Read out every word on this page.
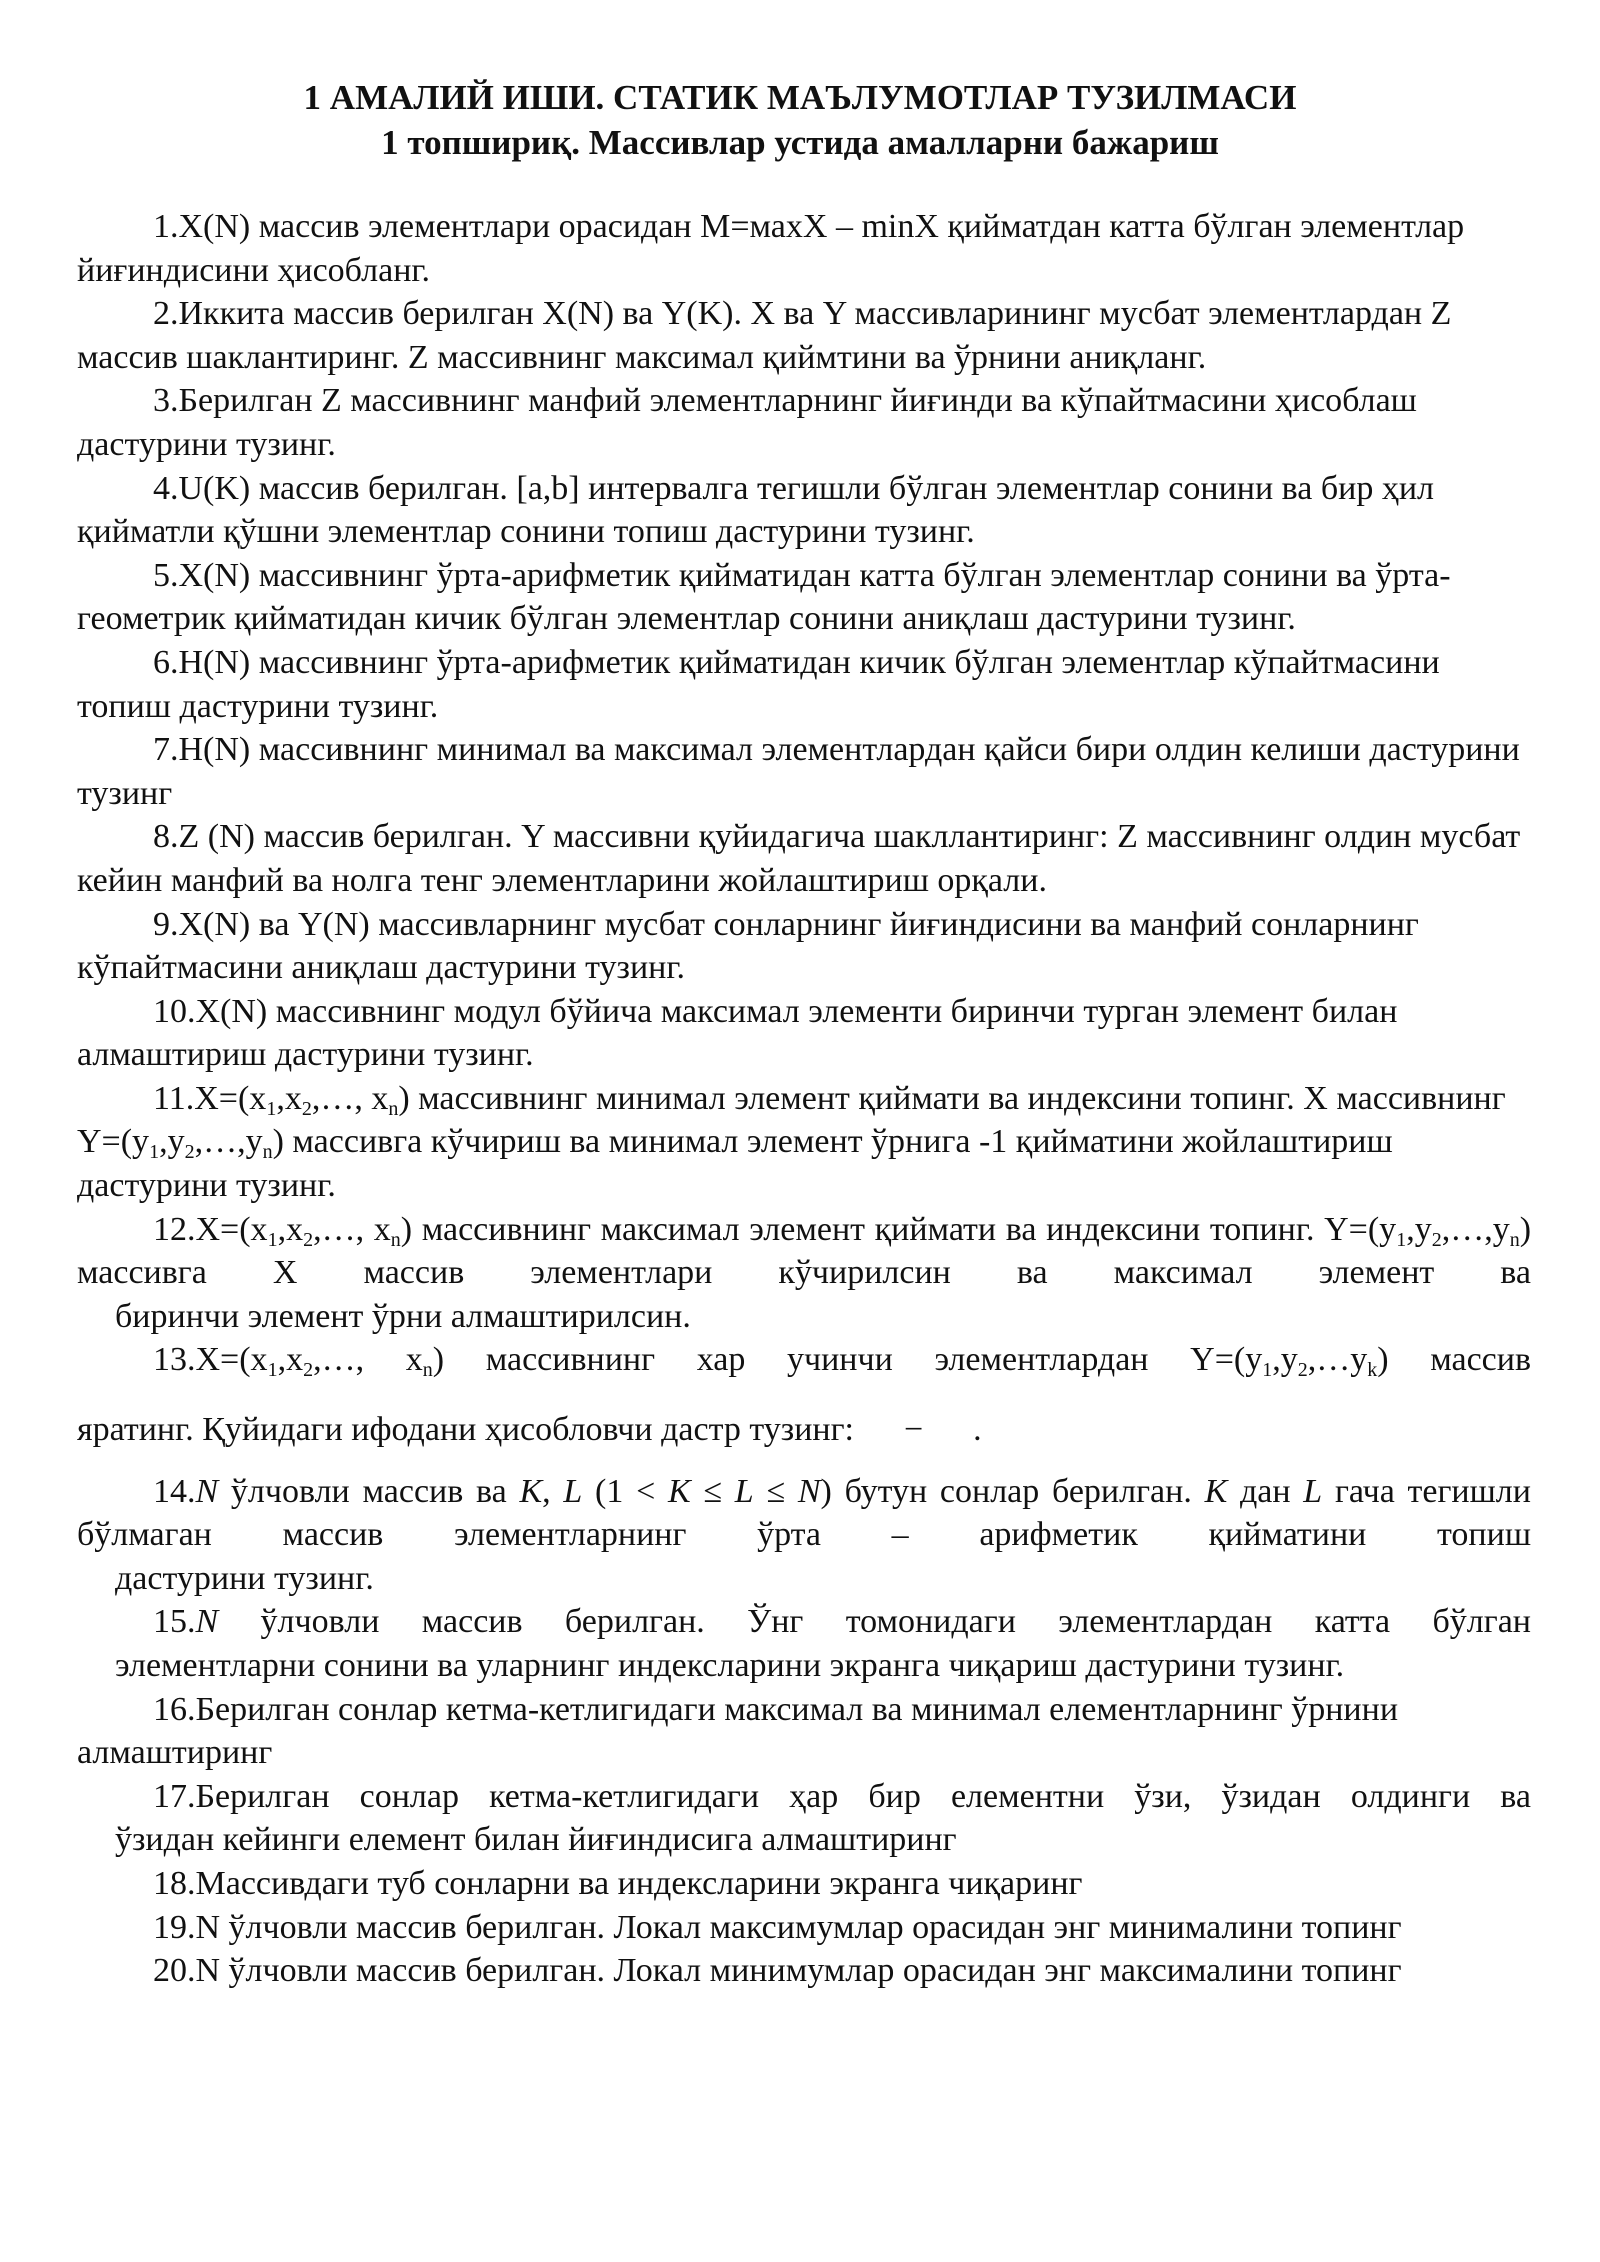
1 АМАЛИЙ ИШИ. СТАТИК МАЪЛУМОТЛАР ТУЗИЛМАСИ
1 топшириқ. Массивлар устида амалларни бажариш

1.X(N) массив элементлари орасидан M=махX – minX қийматдан катта бўлган элементлар йиғиндисини ҳисобланг.

2.Иккита массив берилган X(N) ва Y(K). X ва Y массивларининг мусбат элементлардан Z массив шаклантиринг. Z массивнинг максимал қиймтини ва ўрнини аниқланг.

3.Берилган Z массивнинг манфий элементларнинг йиғинди ва кўпайтмасини ҳисоблаш дастурини тузинг.

4.U(K) массив берилган. [a,b] интервалга тегишли бўлган элементлар сонини ва бир ҳил қийматли қўшни элементлар сонини топиш дастурини тузинг.

5.X(N) массивнинг ўрта-арифметик қийматидан катта бўлган элементлар сонини ва ўрта-геометрик қийматидан кичик бўлган элементлар сонини аниқлаш дастурини тузинг.

6.H(N) массивнинг ўрта-арифметик қийматидан кичик бўлган элементлар кўпайтмасини топиш дастурини тузинг.

7.H(N) массивнинг минимал ва максимал элементлардан қайси бири олдин келиши дастурини тузинг

8.Z (N) массив берилган. Y массивни қуйидагича шакллантиринг: Z массивнинг олдин мусбат кейин манфий ва нолга тенг элементларини жойлаштириш орқали.

9.X(N) ва Y(N) массивларнинг мусбат сонларнинг йиғиндисини ва манфий сонларнинг кўпайтмасини аниқлаш дастурини тузинг.

10.X(N) массивнинг модул бўйича максимал элементи биринчи турган элемент билан алмаштириш дастурини тузинг.

$11.X=(x_1,x_2,\dots$, $x_n$) массивнинг минимал элемент қиймати ва индексини топинг. X массивнинг $Y=(y_1,y_2,\dots,y_n)$ массивга кўчириш ва минимал элемент ўрнига -1 қийматини жойлаштириш дастурини тузинг.

$12.X=(x_1,x_2,\dots$, $x_n$) массивнинг максимал элемент қиймати ва индексини топинг. $Y=(y_1,y_2,\dots,y_n)$ массивга X массив элементлари кўчирилсин ва максимал элемент ва
биринчи элемент ўрни алмаштирилсин.

$13.X=(x_1,x_2,\dots$, $x_n$) массивнинг хар учинчи элементлардан $Y=(y_1,y_2,\dots y_k)$ массив
яратинг. Қуйидаги ифодани ҳисобловчи дастр тузинг: − .

14.N ўлчовли массив ва K, L (1 < K ≤ L ≤ N) бутун сонлар берилган. K дан L гача тегишли бўлмаган массив элементларнинг ўрта – арифметик қийматини топиш
дастурини тузинг.

15.N ўлчовли массив берилган. Ўнг томонидаги элементлардан катта бўлган
элементларни сонини ва уларнинг индексларини экранга чиқариш дастурини тузинг.

16.Берилган сонлар кетма-кетлигидаги максимал ва минимал елементларнинг ўрнини алмаштиринг

17.Берилган сонлар кетма-кетлигидаги ҳар бир елементни ўзи, ўзидан олдинги ва
ўзидан кейинги елемент билан йиғиндисига алмаштиринг

18.Массивдаги туб сонларни ва индексларини экранга чиқаринг

19.N ўлчовли массив берилган. Локал максимумлар орасидан энг минималини топинг

20.N ўлчовли массив берилган. Локал минимумлар орасидан энг максималини топинг
